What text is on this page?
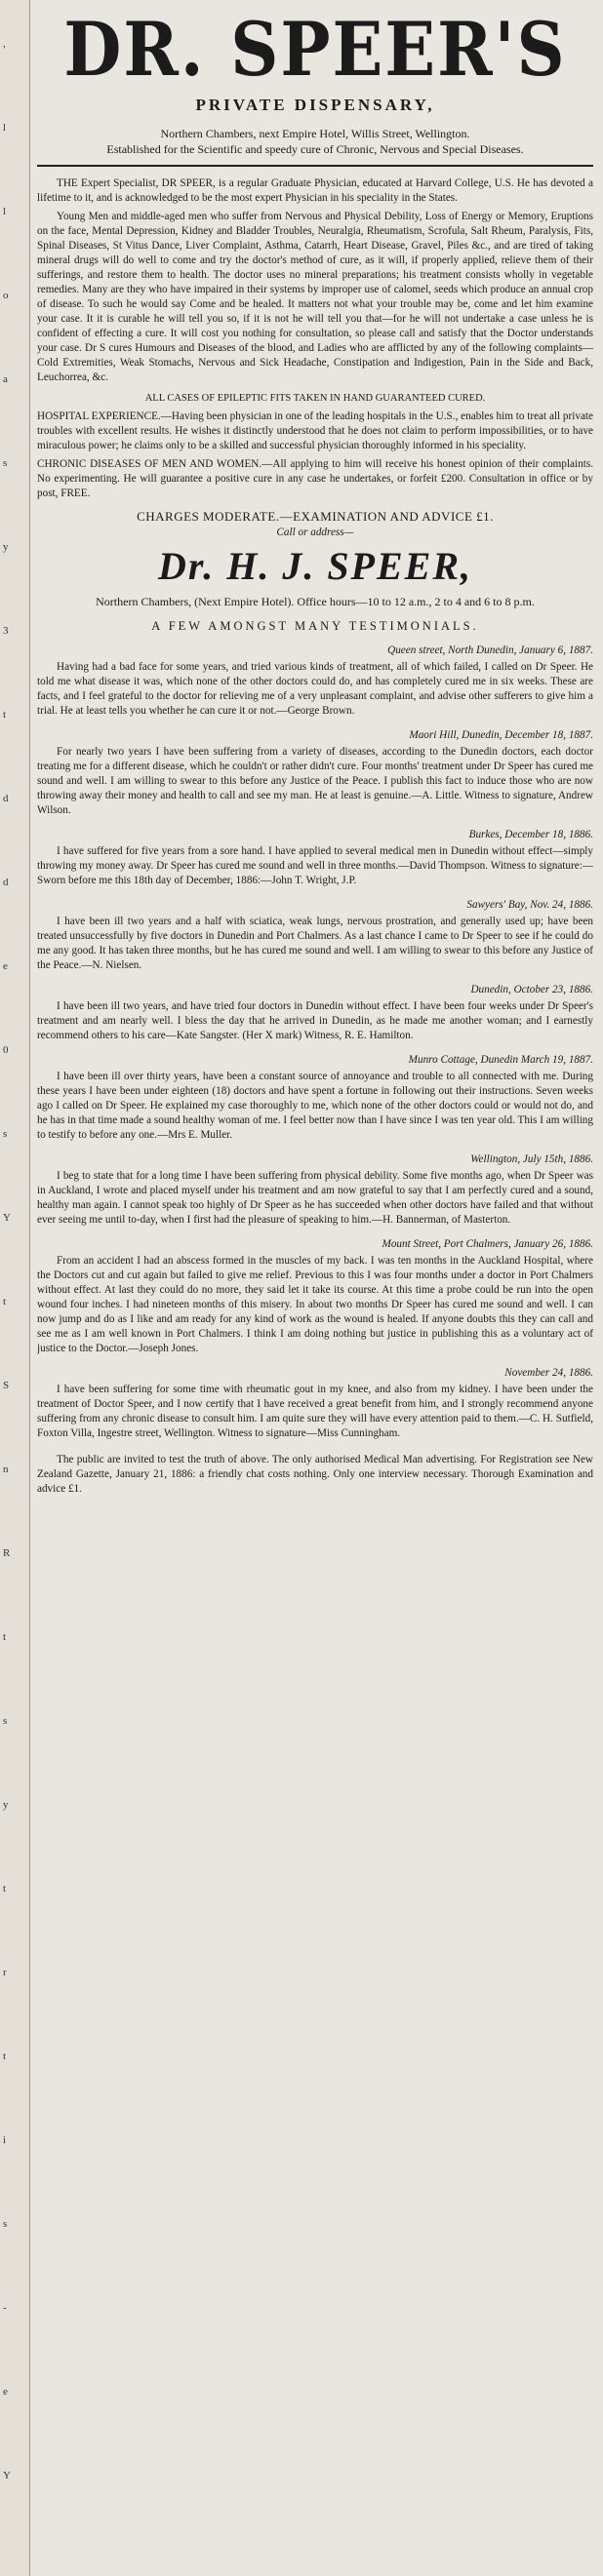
,
l
l
o
a
s
y
3
t
d
d
e
0
s
Y
t
S
n
R
t
s
y
t
r
t
i
s
-
e
Y
DR. SPEER'S
PRIVATE DISPENSARY,

Northern Chambers, next Empire Hotel, Willis Street, Wellington.

Established for the Scientific and speedy cure of Chronic, Nervous and Special Diseases.

THE Expert Specialist, DR SPEER, is a regular Graduate Physician, educated at Harvard College, U.S. He has devoted a lifetime to it, and is acknowledged to be the most expert Physician in his speciality in the States.

Young Men and middle-aged men who suffer from Nervous and Physical Debility, Loss of Energy or Memory, Eruptions on the face, Mental Depression, Kidney and Bladder Troubles, Neuralgia, Rheumatism, Scrofula, Salt Rheum, Paralysis, Fits, Spinal Diseases, St Vitus Dance, Liver Complaint, Asthma, Catarrh, Heart Disease, Gravel, Piles &c., and are tired of taking mineral drugs will do well to come and try the doctor's method of cure, as it will, if properly applied, relieve them of their sufferings, and restore them to health. The doctor uses no mineral preparations; his treatment consists wholly in vegetable remedies. Many are they who have impaired in their systems by improper use of calomel, seeds which produce an annual crop of disease. To such he would say Come and be healed. It matters not what your trouble may be, come and let him examine your case. It it is curable he will tell you so, if it is not he will tell you that—for he will not undertake a case unless he is confident of effecting a cure. It will cost you nothing for consultation, so please call and satisfy that the Doctor understands your case. Dr S cures Humours and Diseases of the blood, and Ladies who are afflicted by any of the following complaints—Cold Extremities, Weak Stomachs, Nervous and Sick Headache, Constipation and Indigestion, Pain in the Side and Back, Leuchorrea, &c.

ALL CASES OF EPILEPTIC FITS TAKEN IN HAND GUARANTEED CURED.

HOSPITAL EXPERIENCE.—Having been physician in one of the leading hospitals in the U.S., enables him to treat all private troubles with excellent results. He wishes it distinctly understood that he does not claim to perform impossibilities, or to have miraculous power; he claims only to be a skilled and successful physician thoroughly informed in his speciality.

CHRONIC DISEASES OF MEN AND WOMEN.—All applying to him will receive his honest opinion of their complaints. No experimenting. He will guarantee a positive cure in any case he undertakes, or forfeit £200. Consultation in office or by post, FREE.

CHARGES MODERATE.—EXAMINATION AND ADVICE £1.
Call or address—
Dr. H. J. SPEER,
Northern Chambers, (Next Empire Hotel). Office hours—10 to 12 a.m., 2 to 4 and 6 to 8 p.m.
A FEW AMONGST MANY TESTIMONIALS.
Queen street, North Dunedin, January 6, 1887.

Having had a bad face for some years, and tried various kinds of treatment, all of which failed, I called on Dr Speer. He told me what disease it was, which none of the other doctors could do, and has completely cured me in six weeks. These are facts, and I feel grateful to the doctor for relieving me of a very unpleasant complaint, and advise other sufferers to give him a trial. He at least tells you whether he can cure it or not.—George Brown.

Maori Hill, Dunedin, December 18, 1887.

For nearly two years I have been suffering from a variety of diseases, according to the Dunedin doctors, each doctor treating me for a different disease, which he couldn't or rather didn't cure. Four months' treatment under Dr Speer has cured me sound and well. I am willing to swear to this before any Justice of the Peace. I publish this fact to induce those who are now throwing away their money and health to call and see my man. He at least is genuine.—A. Little. Witness to signature, Andrew Wilson.

Burkes, December 18, 1886.

I have suffered for five years from a sore hand. I have applied to several medical men in Dunedin without effect—simply throwing my money away. Dr Speer has cured me sound and well in three months.—David Thompson. Witness to signature:—Sworn before me this 18th day of December, 1886:—John T. Wright, J.P.

Sawyers' Bay, Nov. 24, 1886.

I have been ill two years and a half with sciatica, weak lungs, nervous prostration, and generally used up; have been treated unsuccessfully by five doctors in Dunedin and Port Chalmers. As a last chance I came to Dr Speer to see if he could do me any good. It has taken three months, but he has cured me sound and well. I am willing to swear to this before any Justice of the Peace.—N. Nielsen.

Dunedin, October 23, 1886.

I have been ill two years, and have tried four doctors in Dunedin without effect. I have been four weeks under Dr Speer's treatment and am nearly well. I bless the day that he arrived in Dunedin, as he made me another woman; and I earnestly recommend others to his care—Kate Sangster. (Her X mark) Witness, R. E. Hamilton.

Munro Cottage, Dunedin March 19, 1887.

I have been ill over thirty years, have been a constant source of annoyance and trouble to all connected with me. During these years I have been under eighteen (18) doctors and have spent a fortune in following out their instructions. Seven weeks ago I called on Dr Speer. He explained my case thoroughly to me, which none of the other doctors could or would not do, and he has in that time made a sound healthy woman of me. I feel better now than I have since I was ten year old. This I am willing to testify to before any one.—Mrs E. Muller.

Wellington, July 15th, 1886.

I beg to state that for a long time I have been suffering from physical debility. Some five months ago, when Dr Speer was in Auckland, I wrote and placed myself under his treatment and am now grateful to say that I am perfectly cured and a sound, healthy man again. I cannot speak too highly of Dr Speer as he has succeeded when other doctors have failed and that without ever seeing me until to-day, when I first had the pleasure of speaking to him.—H. Bannerman, of Masterton.

Mount Street, Port Chalmers, January 26, 1886.

From an accident I had an abscess formed in the muscles of my back. I was ten months in the Auckland Hospital, where the Doctors cut and cut again but failed to give me relief. Previous to this I was four months under a doctor in Port Chalmers without effect. At last they could do no more, they said let it take its course. At this time a probe could be run into the open wound four inches. I had nineteen months of this misery. In about two months Dr Speer has cured me sound and well. I can now jump and do as I like and am ready for any kind of work as the wound is healed. If anyone doubts this they can call and see me as I am well known in Port Chalmers. I think I am doing nothing but justice in publishing this as a voluntary act of justice to the Doctor.—Joseph Jones.

November 24, 1886.

I have been suffering for some time with rheumatic gout in my knee, and also from my kidney. I have been under the treatment of Doctor Speer, and I now certify that I have received a great benefit from him, and I strongly recommend anyone suffering from any chronic disease to consult him. I am quite sure they will have every attention paid to them.—C. H. Sutfield, Foxton Villa, Ingestre street, Wellington. Witness to signature—Miss Cunningham.

The public are invited to test the truth of above. The only authorised Medical Man advertising. For Registration see New Zealand Gazette, January 21, 1886: a friendly chat costs nothing. Only one interview necessary. Thorough Examination and advice £1.
